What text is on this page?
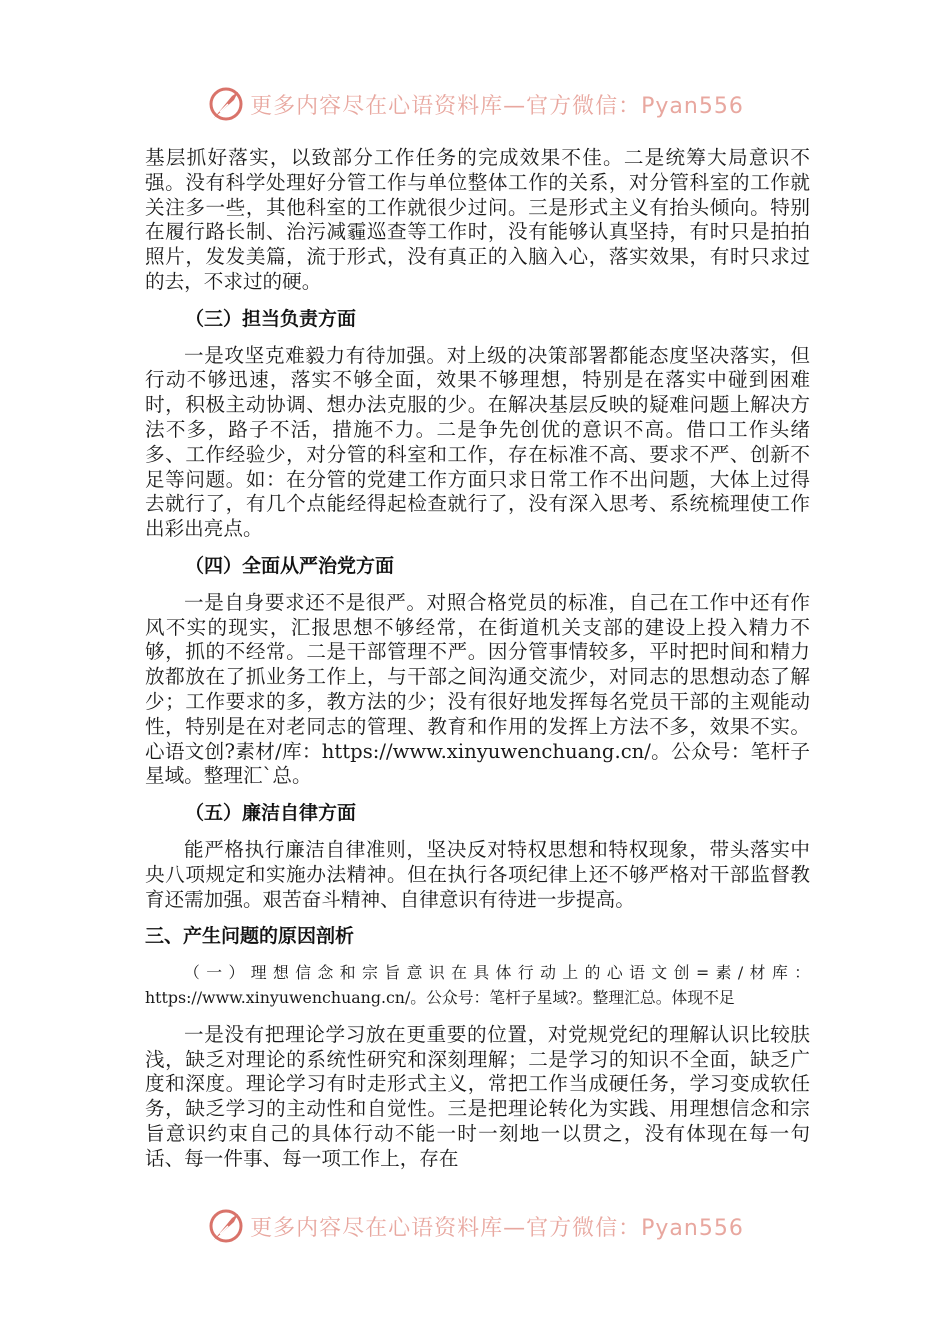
更多内容尽在心语资料库—官方微信：Pyan556

基层抓好落实，以致部分工作任务的完成效果不佳。二是统筹大局意识不强。没有科学处理好分管工作与单位整体工作的关系，对分管科室的工作就关注多一些，其他科室的工作就很少过问。三是形式主义有抬头倾向。特别在履行路长制、治污减霾巡查等工作时，没有能够认真坚持，有时只是拍拍照片，发发美篇，流于形式，没有真正的入脑入心，落实效果，有时只求过的去，不求过的硬。

（三）担当负责方面

一是攻坚克难毅力有待加强。对上级的决策部署都能态度坚决落实，但行动不够迅速，落实不够全面，效果不够理想，特别是在落实中碰到困难时，积极主动协调、想办法克服的少。在解决基层反映的疑难问题上解决方法不多，路子不活，措施不力。二是争先创优的意识不高。借口工作头绪多、工作经验少，对分管的科室和工作，存在标准不高、要求不严、创新不足等问题。如：在分管的党建工作方面只求日常工作不出问题，大体上过得去就行了，有几个点能经得起检查就行了，没有深入思考、系统梳理使工作出彩出亮点。

（四）全面从严治党方面

一是自身要求还不是很严。对照合格党员的标准，自己在工作中还有作风不实的现实，汇报思想不够经常，在街道机关支部的建设上投入精力不够，抓的不经常。二是干部管理不严。因分管事情较多，平时把时间和精力放都放在了抓业务工作上，与干部之间沟通交流少，对同志的思想动态了解少；工作要求的多，教方法的少；没有很好地发挥每名党员干部的主观能动性，特别是在对老同志的管理、教育和作用的发挥上方法不多，效果不实。心语文创?素材/库：https://www.xinyuwenchuang.cn/。公众号：笔杆子星域。整理汇`总。

（五）廉洁自律方面

能严格执行廉洁自律准则，坚决反对特权思想和特权现象，带头落实中央八项规定和实施办法精神。但在执行各项纪律上还不够严格对干部监督教育还需加强。艰苦奋斗精神、自律意识有待进一步提高。

三、产生问题的原因剖析

（一）理想信念和宗旨意识在具体行动上的心语文创=素/材库：https://www.xinyuwenchuang.cn/。公众号：笔杆子星域?。整理汇总。体现不足

一是没有把理论学习放在更重要的位置，对党规党纪的理解认识比较肤浅，缺乏对理论的系统性研究和深刻理解；二是学习的知识不全面，缺乏广度和深度。理论学习有时走形式主义，常把工作当成硬任务，学习变成软任务，缺乏学习的主动性和自觉性。三是把理论转化为实践、用理想信念和宗旨意识约束自己的具体行动不能一时一刻地一以贯之，没有体现在每一句话、每一件事、每一项工作上，存在

更多内容尽在心语资料库—官方微信：Pyan556
